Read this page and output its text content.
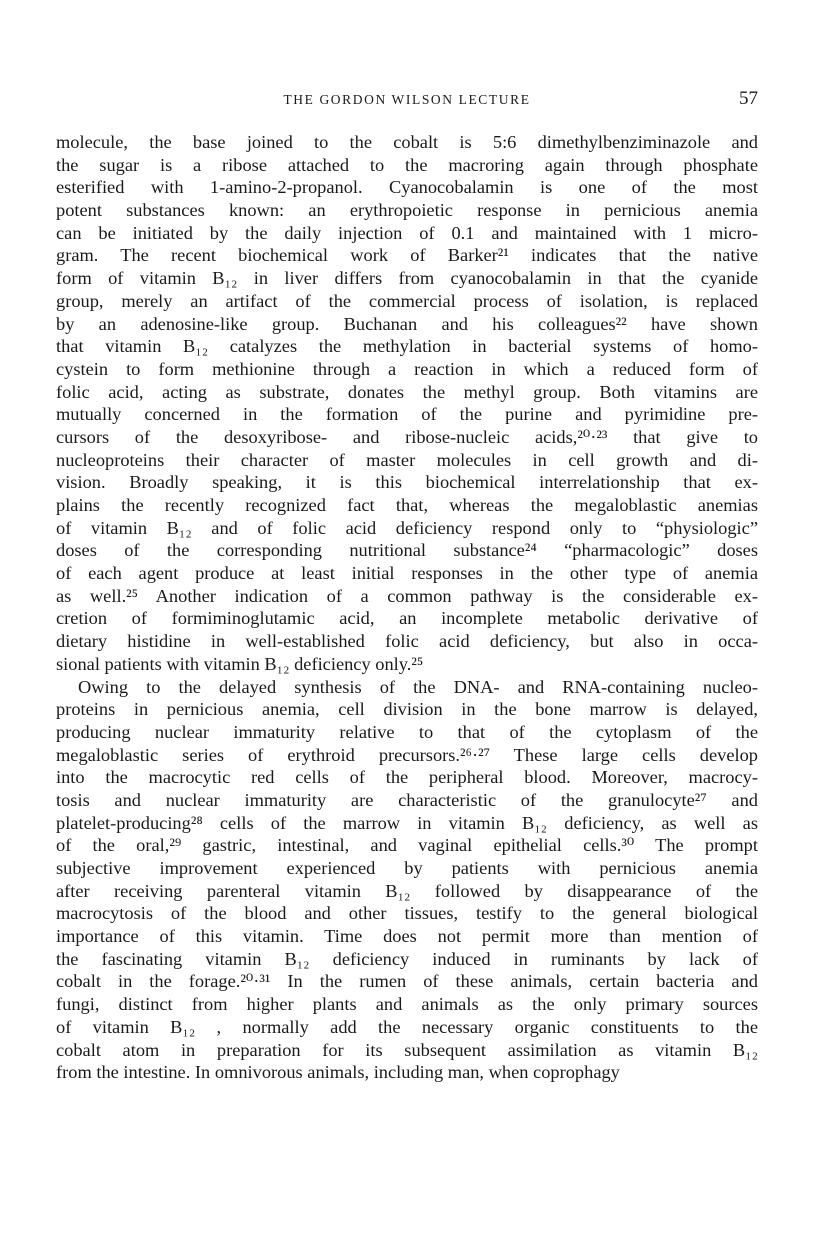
THE GORDON WILSON LECTURE	57
molecule, the base joined to the cobalt is 5:6 dimethylbenziminazole and
the sugar is a ribose attached to the macroring again through phosphate
esterified with 1-amino-2-propanol. Cyanocobalamin is one of the most
potent substances known: an erythropoietic response in pernicious anemia
can be initiated by the daily injection of 0.1 and maintained with 1 micro-
gram. The recent biochemical work of Barker²¹ indicates that the native
form of vitamin B₁₂ in liver differs from cyanocobalamin in that the cyanide
group, merely an artifact of the commercial process of isolation, is replaced
by an adenosine-like group. Buchanan and his colleagues²² have shown
that vitamin B₁₂ catalyzes the methylation in bacterial systems of homo-
cystein to form methionine through a reaction in which a reduced form of
folic acid, acting as substrate, donates the methyl group. Both vitamins are
mutually concerned in the formation of the purine and pyrimidine pre-
cursors of the desoxyribose- and ribose-nucleic acids,²⁰·²³ that give to
nucleoproteins their character of master molecules in cell growth and di-
vision. Broadly speaking, it is this biochemical interrelationship that ex-
plains the recently recognized fact that, whereas the megaloblastic anemias
of vitamin B₁₂ and of folic acid deficiency respond only to “physiologic”
doses of the corresponding nutritional substance²⁴ “pharmacologic” doses
of each agent produce at least initial responses in the other type of anemia
as well.²⁵ Another indication of a common pathway is the considerable ex-
cretion of formiminoglutamic acid, an incomplete metabolic derivative of
dietary histidine in well-established folic acid deficiency, but also in occa-
sional patients with vitamin B₁₂ deficiency only.²⁵
Owing to the delayed synthesis of the DNA- and RNA-containing nucleo-
proteins in pernicious anemia, cell division in the bone marrow is delayed,
producing nuclear immaturity relative to that of the cytoplasm of the
megaloblastic series of erythroid precursors.²⁶·²⁷ These large cells develop
into the macrocytic red cells of the peripheral blood. Moreover, macrocy-
tosis and nuclear immaturity are characteristic of the granulocyte²⁷ and
platelet-producing²⁸ cells of the marrow in vitamin B₁₂ deficiency, as well as
of the oral,²⁹ gastric, intestinal, and vaginal epithelial cells.³⁰ The prompt
subjective improvement experienced by patients with pernicious anemia
after receiving parenteral vitamin B₁₂ followed by disappearance of the
macrocytosis of the blood and other tissues, testify to the general biological
importance of this vitamin. Time does not permit more than mention of
the fascinating vitamin B₁₂ deficiency induced in ruminants by lack of
cobalt in the forage.²⁰·³¹ In the rumen of these animals, certain bacteria and
fungi, distinct from higher plants and animals as the only primary sources
of vitamin B₁₂ , normally add the necessary organic constituents to the
cobalt atom in preparation for its subsequent assimilation as vitamin B₁₂
from the intestine. In omnivorous animals, including man, when coprophagy
